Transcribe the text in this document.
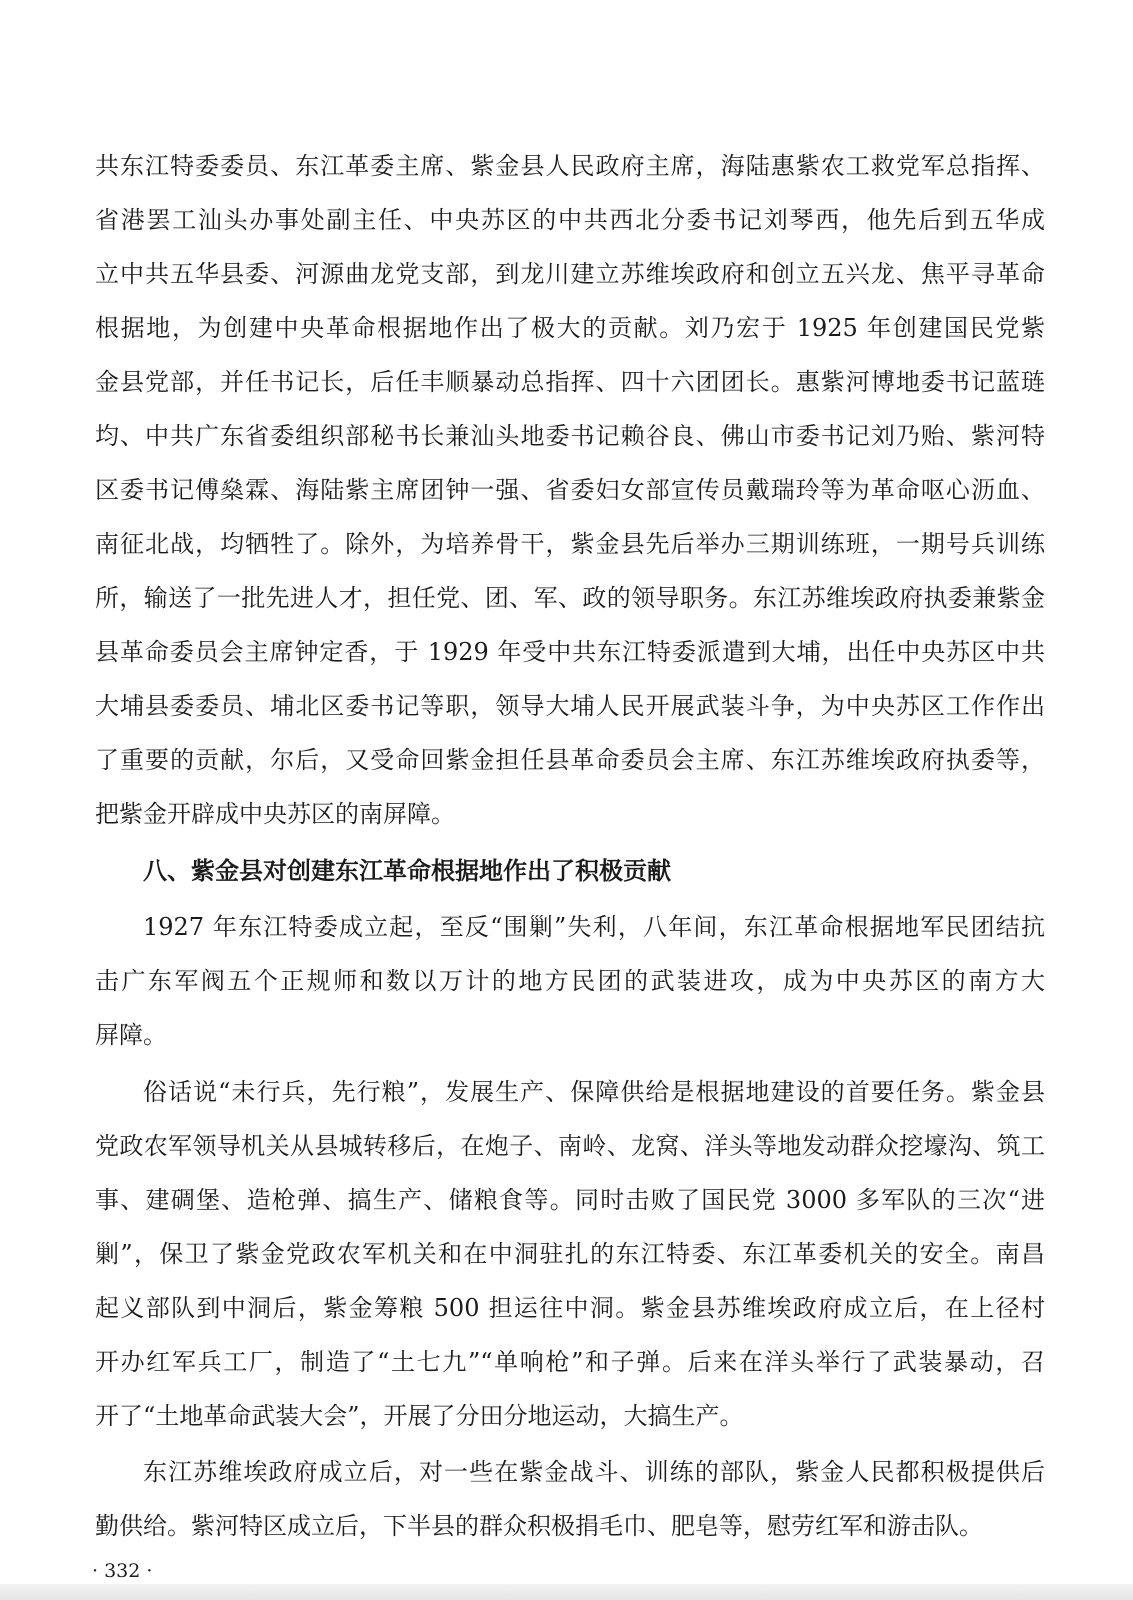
共东江特委委员、东江革委主席、紫金县人民政府主席，海陆惠紫农工救党军总指挥、
省港罢工汕头办事处副主任、中央苏区的中共西北分委书记刘琴西，他先后到五华成
立中共五华县委、河源曲龙党支部，到龙川建立苏维埃政府和创立五兴龙、焦平寻革命
根据地，为创建中央革命根据地作出了极大的贡献。刘乃宏于 1925 年创建国民党紫
金县党部，并任书记长，后任丰顺暴动总指挥、四十六团团长。惠紫河博地委书记蓝琏
均、中共广东省委组织部秘书长兼汕头地委书记赖谷良、佛山市委书记刘乃贻、紫河特
区委书记傅燊霖、海陆紫主席团钟一强、省委妇女部宣传员戴瑞玲等为革命呕心沥血、
南征北战，均牺牲了。除外，为培养骨干，紫金县先后举办三期训练班，一期号兵训练
所，输送了一批先进人才，担任党、团、军、政的领导职务。东江苏维埃政府执委兼紫金
县革命委员会主席钟定香，于 1929 年受中共东江特委派遣到大埔，出任中央苏区中共
大埔县委委员、埔北区委书记等职，领导大埔人民开展武装斗争，为中央苏区工作作出
了重要的贡献，尔后，又受命回紫金担任县革命委员会主席、东江苏维埃政府执委等，
把紫金开辟成中央苏区的南屏障。
八、紫金县对创建东江革命根据地作出了积极贡献
1927 年东江特委成立起，至反“围剿”失利，八年间，东江革命根据地军民团结抗
击广东军阀五个正规师和数以万计的地方民团的武装进攻，成为中央苏区的南方大
屏障。
俗话说“未行兵，先行粮”，发展生产、保障供给是根据地建设的首要任务。紫金县
党政农军领导机关从县城转移后，在炮子、南岭、龙窝、洋头等地发动群众挖壕沟、筑工
事、建碉堡、造枪弹、搞生产、储粮食等。同时击败了国民党 3000 多军队的三次“进
剿”，保卫了紫金党政农军机关和在中洞驻扎的东江特委、东江革委机关的安全。南昌
起义部队到中洞后，紫金筹粮 500 担运往中洞。紫金县苏维埃政府成立后，在上径村
开办红军兵工厂，制造了“土七九”“单响枪”和子弹。后来在洋头举行了武装暴动，召
开了“土地革命武装大会”，开展了分田分地运动，大搞生产。
东江苏维埃政府成立后，对一些在紫金战斗、训练的部队，紫金人民都积极提供后
勤供给。紫河特区成立后，下半县的群众积极捐毛巾、肥皂等，慰劳红军和游击队。
· 332 ·
